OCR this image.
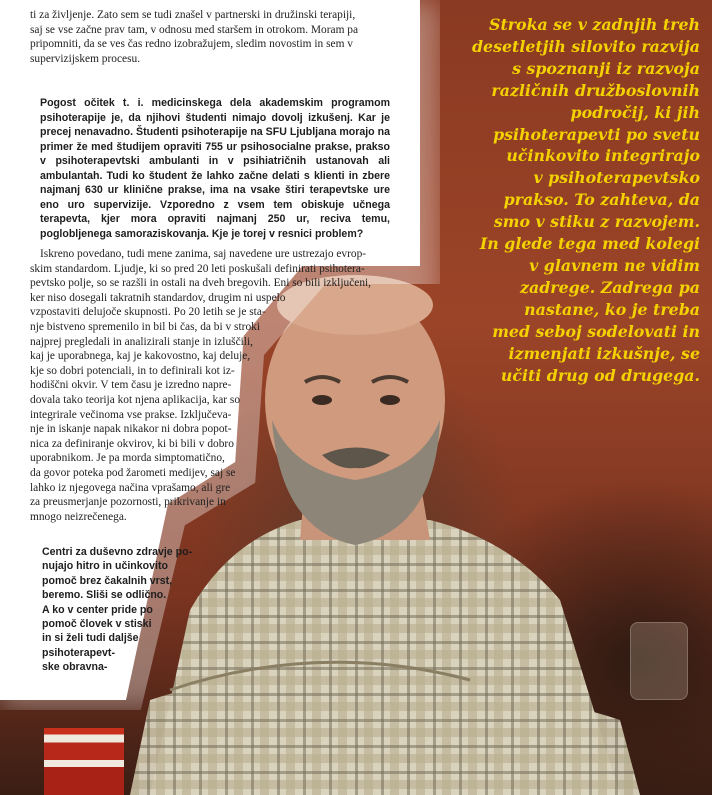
ti za življenje. Zato sem se tudi znašel v partnerski in družinski terapiji,
saj se vse začne prav tam, v odnosu med staršem in otrokom. Moram pa
pripomniti, da se ves čas redno izobražujem, sledim novostim in sem v
supervizijskem procesu.
Pogost očitek t. i. medicinskega dela akademskim programom psihoterapije je, da njihovi študenti nimajo dovolj izkušenj. Kar je precej nenavadno. Študenti psihoterapije na SFU Ljubljana morajo na primer že med študijem opraviti 755 ur psihosocialne prakse, prakso v psihoterapevtski ambulanti in v psihiatričnih ustanovah ali ambulantah. Tudi ko študent že lahko začne delati s klienti in zbere najmanj 630 ur klinične prakse, ima na vsake štiri terapevtske ure eno uro supervizije. Vzporedno z vsem tem obiskuje učnega terapevta, kjer mora opraviti najmanj 250 ur, reciva temu, poglobljenega samoraziskovanja. Kje je torej v resnici problem?
Iskreno povedano, tudi mene zanima, saj navedene ure ustrezajo evrop-
skim standardom. Ljudje, ki so pred 20 leti poskušali definirati psihotera-
pevtsko polje, so se razšli in ostali na dveh bregovih. Eni so bili izključeni,
ker niso dosegali takratnih standardov, drugim ni uspelo
vzpostaviti delujoče skupnosti. Po 20 letih se je sta-
nje bistveno spremenilo in bil bi čas, da bi v stroki
najprej pregledali in analizirali stanje in izluščili,
kaj je uporabnega, kaj je kakovostno, kaj deluje,
kje so dobri potenciali, in to definirali kot iz-
hodiščni okvir. V tem času je izredno napre-
dovala tako teorija kot njena aplikacija, kar so
integrirale večinoma vse prakse. Izključeva-
nje in iskanje napak nikakor ni dobra popot-
nica za definiranje okvirov, ki bi bili v dobro
uporabnikom. Je pa morda simptomatično,
da govor poteka pod žarometi medijev, saj se
lahko iz njegovega načina vprašamo, ali gre
za preusmerjanje pozornosti, prikrivanje in
mnogo neizrečenega.
Centri za duševno zdravje po-
nujajo hitro in učinkovito
pomoč brez čakalnih vrst,
beremo. Sliši se odlično.
A ko v center pride po
pomoč človek v stiski
in si želi tudi dalјše
psihoterapevt-
ske obravna-
Stroka se v zadnjih treh
desetletjih silovito razvija
s spoznanji iz razvoja
različnih družboslovnih
področij, ki jih
psihoterapevti po svetu
učinkovito integrirajo
v psihoterapevtsko
prakso. To zahteva, da
smo v stiku z razvojem.
In glede tega med kolegi
v glavnem ne vidim
zadrege. Zadrega pa
nastane, ko je treba
med seboj sodelovati in
izmenjati izkušnje, se
učiti drug od drugega.
